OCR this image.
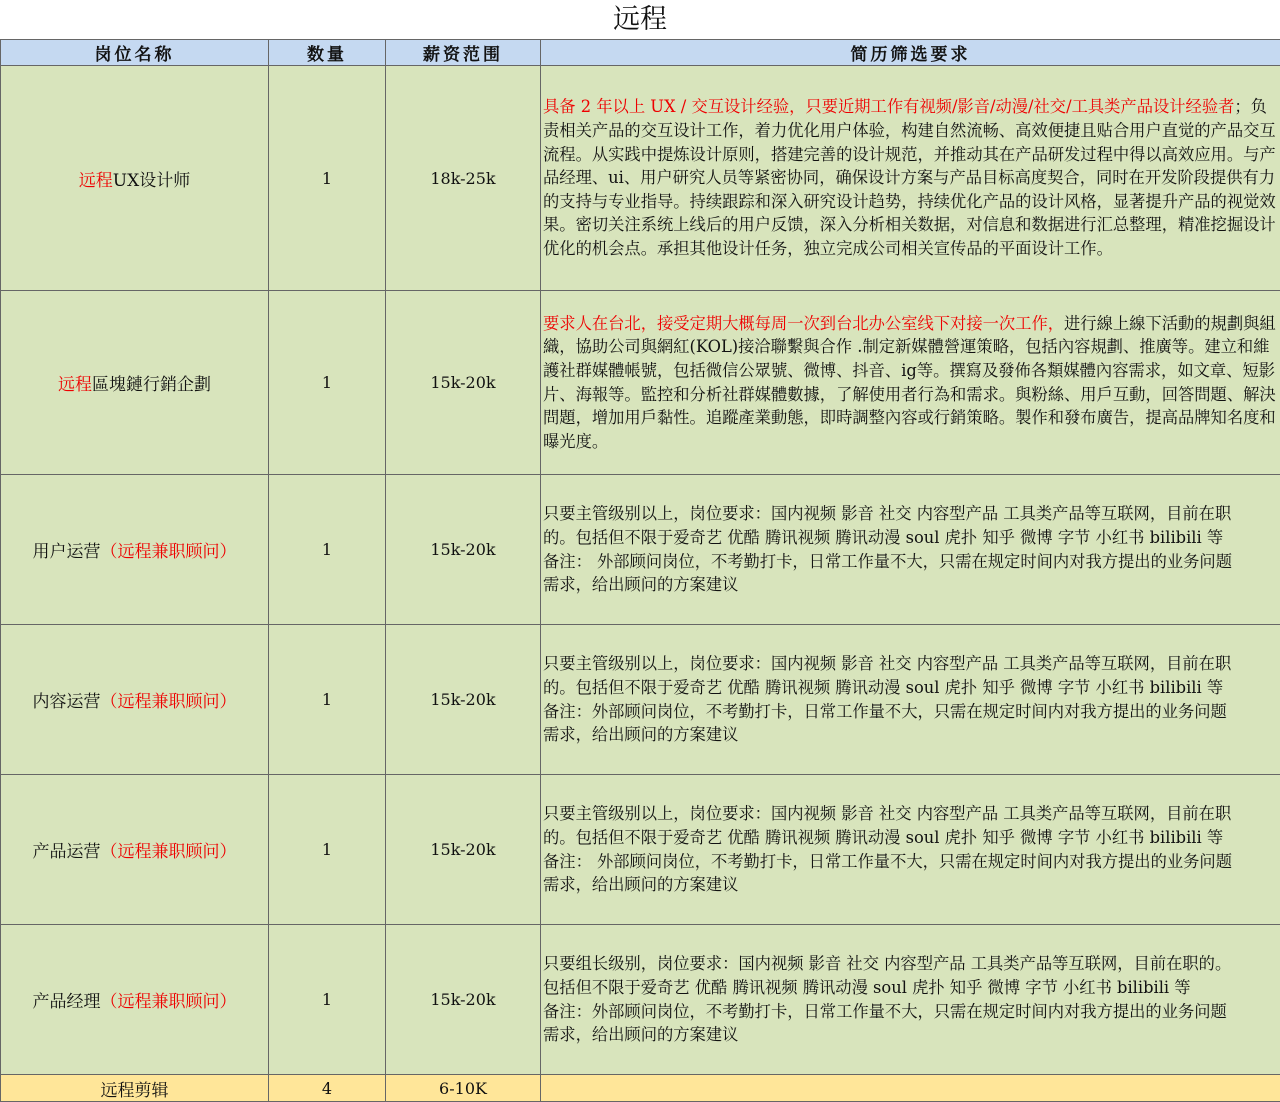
远程
岗位名称	数量	薪资范围	简历筛选要求
远程UX设计师	1	18k-25k	具备 2 年以上 UX / 交互设计经验，只要近期工作有视频/影音/动漫/社交/工具类产品设计经验者；负责相关产品的交互设计工作，着力优化用户体验，构建自然流畅、高效便捷且贴合用户直觉的产品交互流程。从实践中提炼设计原则，搭建完善的设计规范，并推动其在产品研发过程中得以高效应用。与产品经理、ui、用户研究人员等紧密协同，确保设计方案与产品目标高度契合，同时在开发阶段提供有力的支持与专业指导。持续跟踪和深入研究设计趋势，持续优化产品的设计风格，显著提升产品的视觉效果。密切关注系统上线后的用户反馈，深入分析相关数据，对信息和数据进行汇总整理，精准挖掘设计优化的机会点。承担其他设计任务，独立完成公司相关宣传品的平面设计工作。
远程區塊鏈行銷企劃	1	15k-20k	要求人在台北，接受定期大概每周一次到台北办公室线下对接一次工作，进行線上線下活動的規劃與組織，協助公司與網紅(KOL)接洽聯繫與合作 .制定新媒體營運策略，包括內容規劃、推廣等。建立和維護社群媒體帳號，包括微信公眾號、微博、抖音、ig等。撰寫及發佈各類媒體內容需求，如文章、短影片、海報等。監控和分析社群媒體數據，了解使用者行為和需求。與粉絲、用戶互動，回答問題、解決問題，增加用戶黏性。追蹤產業動態，即時調整內容或行銷策略。製作和發布廣告，提高品牌知名度和曝光度。
用户运营（远程兼职顾问）	1	15k-20k	只要主管级别以上，岗位要求：国内视频 影音 社交 内容型产品 工具类产品等互联网，目前在职
的。包括但不限于爱奇艺 优酷 腾讯视频 腾讯动漫 soul 虎扑 知乎 微博 字节 小红书 bilibili 等
备注： 外部顾问岗位，不考勤打卡，日常工作量不大，只需在规定时间内对我方提出的业务问题
需求，给出顾问的方案建议

内容运营（远程兼职顾问）	1	15k-20k	只要主管级别以上，岗位要求：国内视频 影音 社交 内容型产品 工具类产品等互联网，目前在职
的。包括但不限于爱奇艺 优酷 腾讯视频 腾讯动漫 soul 虎扑 知乎 微博 字节 小红书 bilibili 等
备注：外部顾问岗位，不考勤打卡，日常工作量不大，只需在规定时间内对我方提出的业务问题
需求，给出顾问的方案建议

产品运营（远程兼职顾问）	1	15k-20k	只要主管级别以上，岗位要求：国内视频 影音 社交 内容型产品 工具类产品等互联网，目前在职
的。包括但不限于爱奇艺 优酷 腾讯视频 腾讯动漫 soul 虎扑 知乎 微博 字节 小红书 bilibili 等
备注： 外部顾问岗位，不考勤打卡，日常工作量不大，只需在规定时间内对我方提出的业务问题
需求，给出顾问的方案建议

产品经理（远程兼职顾问）	1	15k-20k	只要组长级别，岗位要求：国内视频 影音 社交 内容型产品 工具类产品等互联网，目前在职的。
包括但不限于爱奇艺 优酷 腾讯视频 腾讯动漫 soul 虎扑 知乎 微博 字节 小红书 bilibili 等
备注：外部顾问岗位，不考勤打卡，日常工作量不大，只需在规定时间内对我方提出的业务问题
需求，给出顾问的方案建议

远程剪辑	4	6-10K	
